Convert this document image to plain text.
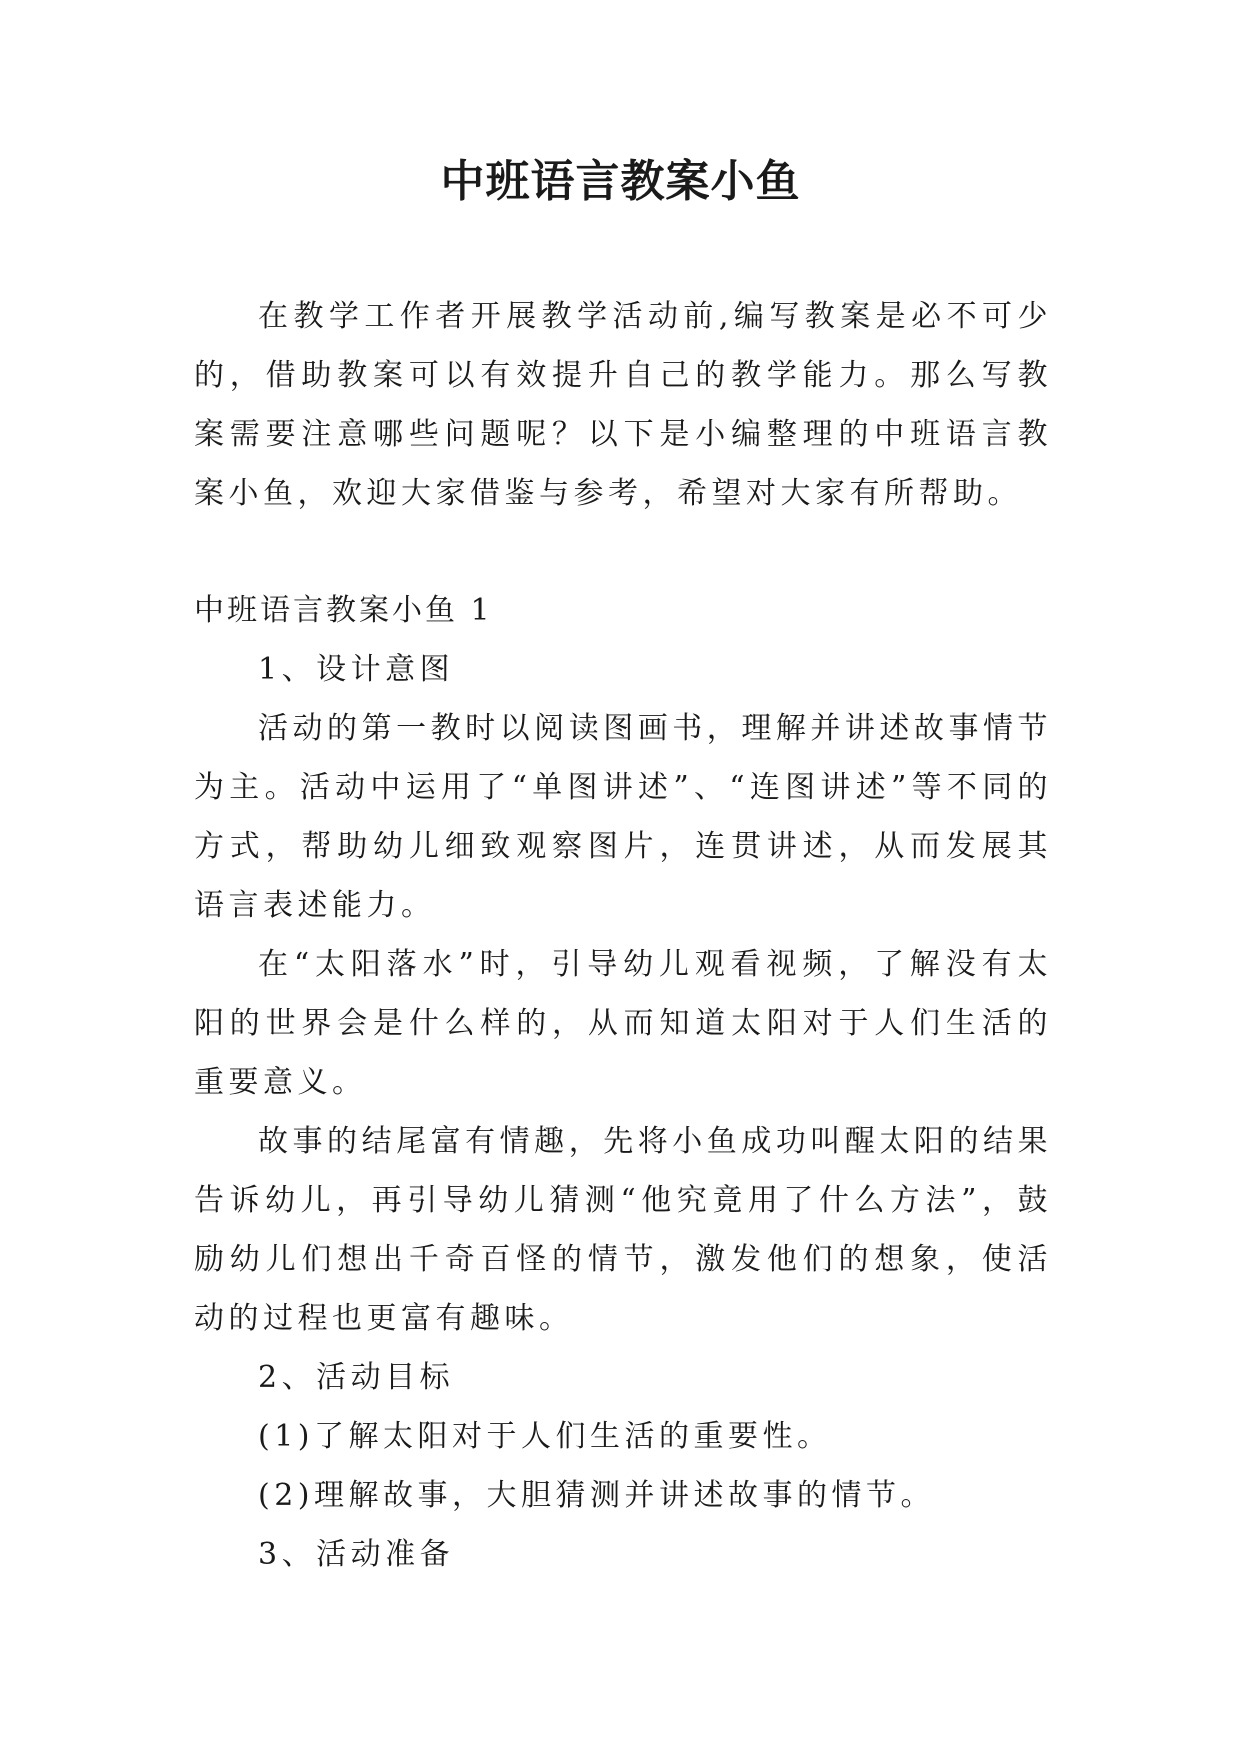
中班语言教案小鱼

在教学工作者开展教学活动前,编写教案是必不可少的，借助教案可以有效提升自己的教学能力。那么写教案需要注意哪些问题呢？以下是小编整理的中班语言教案小鱼，欢迎大家借鉴与参考，希望对大家有所帮助。

中班语言教案小鱼 1

1、设计意图

活动的第一教时以阅读图画书，理解并讲述故事情节为主。活动中运用了“单图讲述”、“连图讲述”等不同的方式，帮助幼儿细致观察图片，连贯讲述，从而发展其语言表述能力。

在“太阳落水”时，引导幼儿观看视频，了解没有太阳的世界会是什么样的，从而知道太阳对于人们生活的重要意义。

故事的结尾富有情趣，先将小鱼成功叫醒太阳的结果告诉幼儿，再引导幼儿猜测“他究竟用了什么方法”，鼓励幼儿们想出千奇百怪的情节，激发他们的想象，使活动的过程也更富有趣味。

2、活动目标

(1)了解太阳对于人们生活的重要性。

(2)理解故事，大胆猜测并讲述故事的情节。

3、活动准备
